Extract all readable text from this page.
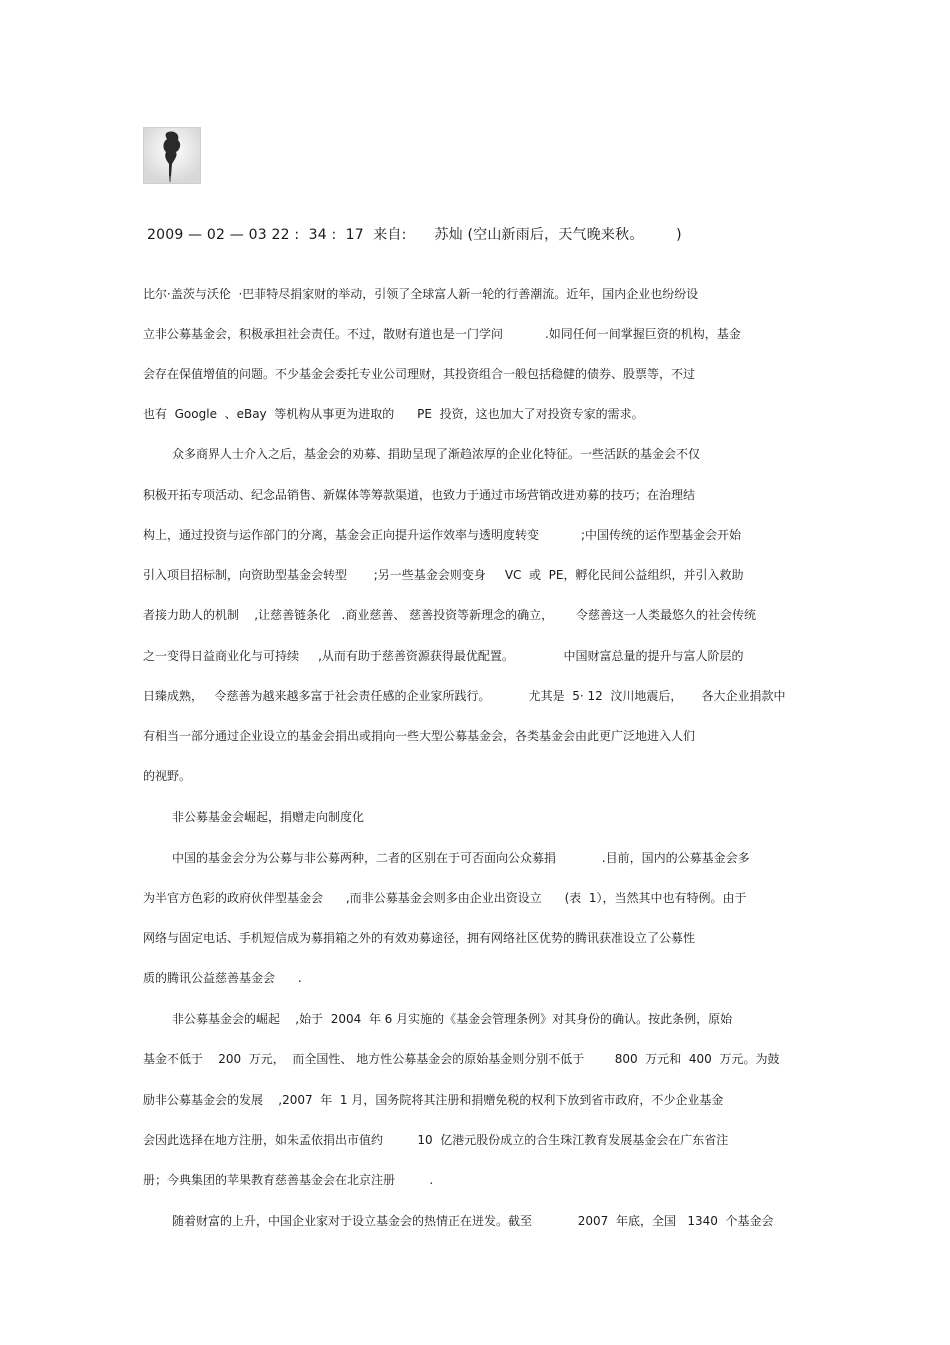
2009 — 02 — 03 22 :  34 :  17  来自:      苏灿 (空山新雨后，天气晚来秋。       )
比尔·盖茨与沃伦  ·巴菲特尽捐家财的举动，引领了全球富人新一轮的行善潮流。近年，国内企业也纷纷设
立非公募基金会，积极承担社会责任。不过，散财有道也是一门学问           .如同任何一间掌握巨资的机构，基金
会存在保值增值的问题。不少基金会委托专业公司理财，其投资组合一般包括稳健的债券、股票等，不过
也有  Google  、eBay  等机构从事更为进取的      PE  投资，这也加大了对投资专家的需求。
众多商界人士介入之后，基金会的劝募、捐助呈现了渐趋浓厚的企业化特征。一些活跃的基金会不仅
积极开拓专项活动、纪念品销售、新媒体等筹款渠道，也致力于通过市场营销改进劝募的技巧；在治理结
构上，通过投资与运作部门的分离，基金会正向提升运作效率与透明度转变           ;中国传统的运作型基金会开始
引入项目招标制，向资助型基金会转型       ;另一些基金会则变身     VC  或  PE，孵化民间公益组织，并引入救助
者接力助人的机制    ,让慈善链条化   .商业慈善、 慈善投资等新理念的确立，      令慈善这一人类最悠久的社会传统
之一变得日益商业化与可持续     ,从而有助于慈善资源获得最优配置。             中国财富总量的提升与富人阶层的
日臻成熟，   令慈善为越来越多富于社会责任感的企业家所践行。          尤其是  5· 12  汶川地震后，     各大企业捐款中
有相当一部分通过企业设立的基金会捐出或捐向一些大型公募基金会，各类基金会由此更广泛地进入人们
的视野。
非公募基金会崛起，捐赠走向制度化
中国的基金会分为公募与非公募两种，二者的区别在于可否面向公众募捐            .目前，国内的公募基金会多
为半官方色彩的政府伙伴型基金会      ,而非公募基金会则多由企业出资设立      (表  1），当然其中也有特例。由于
网络与固定电话、手机短信成为募捐箱之外的有效劝募途径，拥有网络社区优势的腾讯获准设立了公募性
质的腾讯公益慈善基金会      .
非公募基金会的崛起    ,始于  2004  年 6 月实施的《基金会管理条例》对其身份的确认。按此条例，原始
基金不低于    200  万元，  而全国性、 地方性公募基金会的原始基金则分别不低于        800  万元和  400  万元。为鼓
励非公募基金会的发展    ,2007  年  1 月，国务院将其注册和捐赠免税的权利下放到省市政府，不少企业基金
会因此选择在地方注册，如朱孟依捐出市值约         10  亿港元股份成立的合生珠江教育发展基金会在广东省注
册；今典集团的苹果教育慈善基金会在北京注册         .
随着财富的上升，中国企业家对于设立基金会的热情正在迸发。截至            2007  年底，全国   1340  个基金会
